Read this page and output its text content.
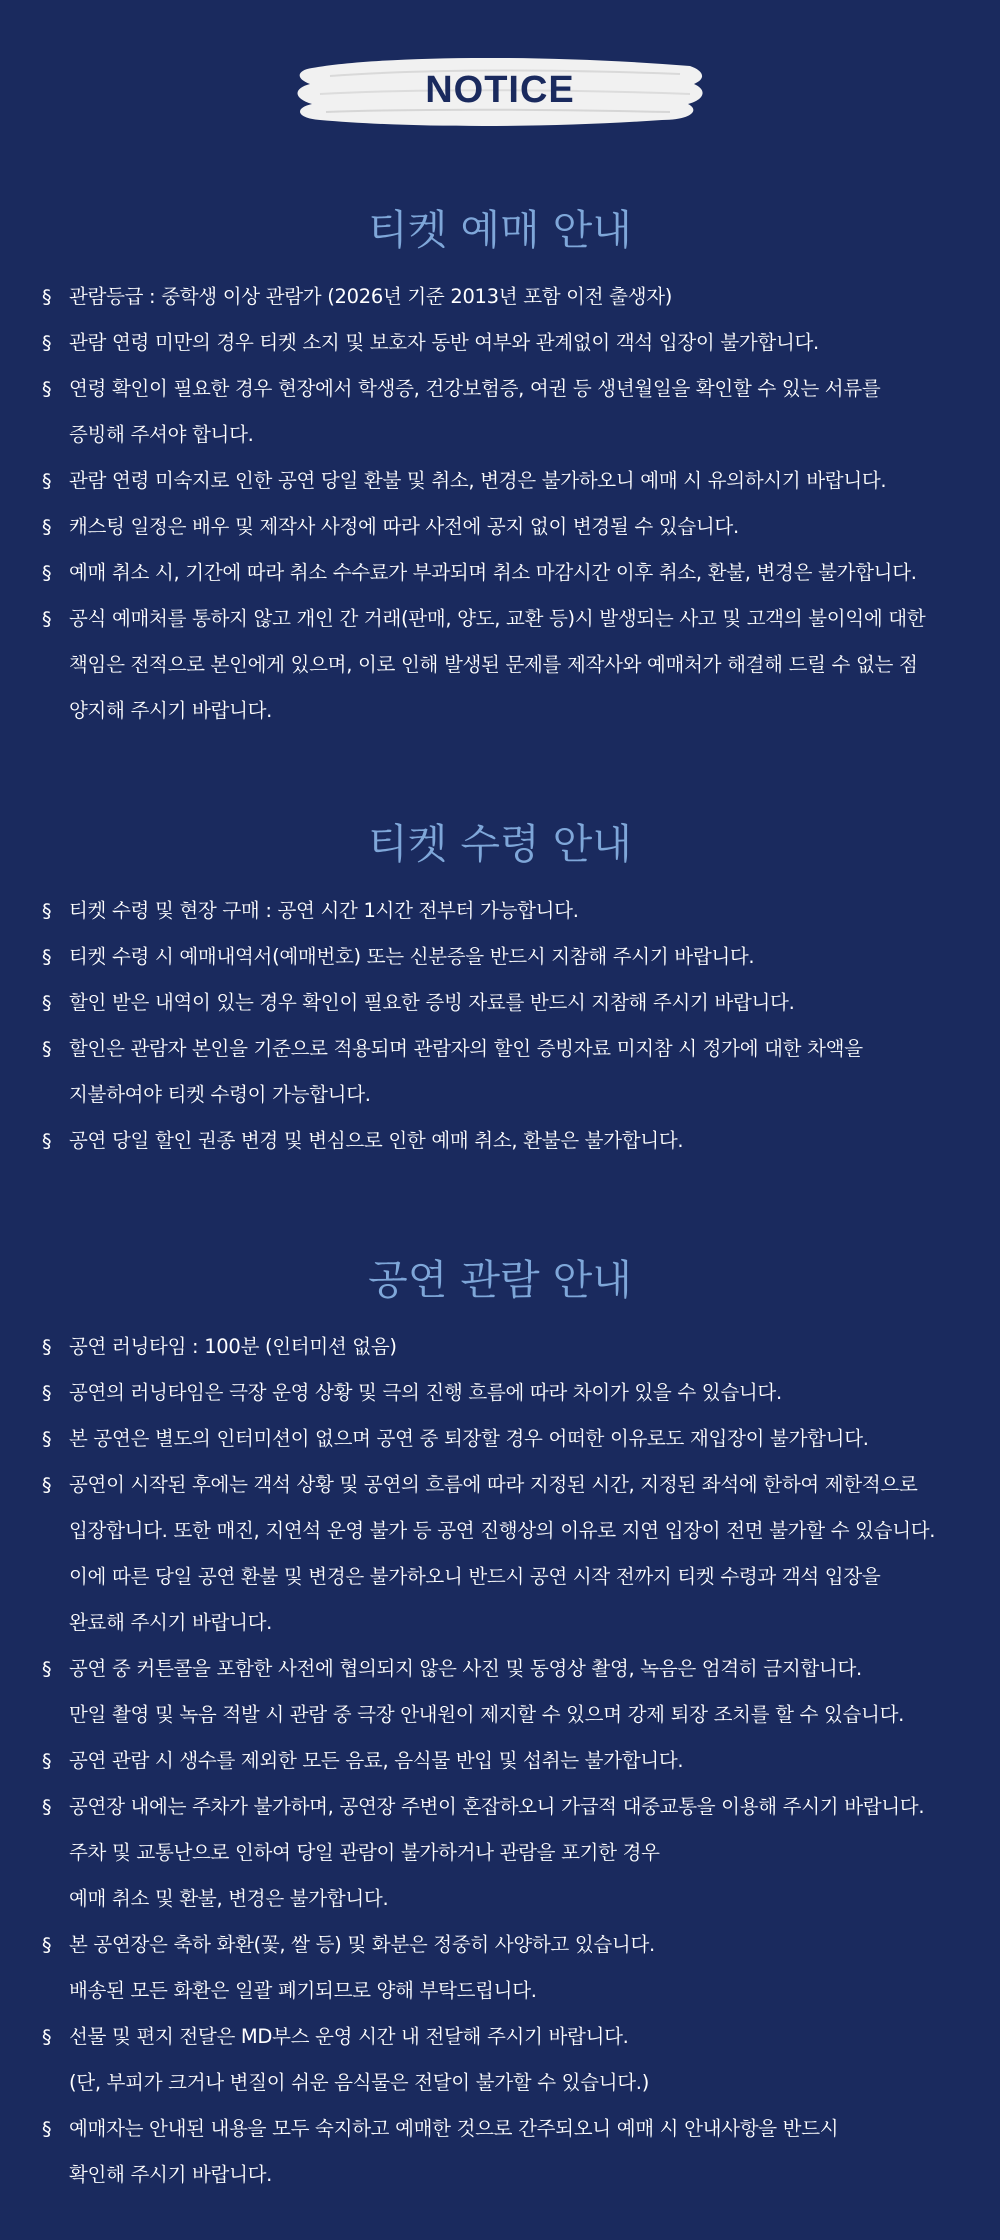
NOTICE
티켓 예매 안내
§ 관람등급 : 중학생 이상 관람가 (2026년 기준 2013년 포함 이전 출생자)
§ 관람 연령 미만의 경우 티켓 소지 및 보호자 동반 여부와 관계없이 객석 입장이 불가합니다.
§ 연령 확인이 필요한 경우 현장에서 학생증, 건강보험증, 여권 등 생년월일을 확인할 수 있는 서류를
증빙해 주셔야 합니다.
§ 관람 연령 미숙지로 인한 공연 당일 환불 및 취소, 변경은 불가하오니 예매 시 유의하시기 바랍니다.
§ 캐스팅 일정은 배우 및 제작사 사정에 따라 사전에 공지 없이 변경될 수 있습니다.
§ 예매 취소 시, 기간에 따라 취소 수수료가 부과되며 취소 마감시간 이후 취소, 환불, 변경은 불가합니다.
§ 공식 예매처를 통하지 않고 개인 간 거래(판매, 양도, 교환 등)시 발생되는 사고 및 고객의 불이익에 대한
책임은 전적으로 본인에게 있으며, 이로 인해 발생된 문제를 제작사와 예매처가 해결해 드릴 수 없는 점
양지해 주시기 바랍니다.
티켓 수령 안내
§ 티켓 수령 및 현장 구매 : 공연 시간 1시간 전부터 가능합니다.
§ 티켓 수령 시 예매내역서(예매번호) 또는 신분증을 반드시 지참해 주시기 바랍니다.
§ 할인 받은 내역이 있는 경우 확인이 필요한 증빙 자료를 반드시 지참해 주시기 바랍니다.
§ 할인은 관람자 본인을 기준으로 적용되며 관람자의 할인 증빙자료 미지참 시 정가에 대한 차액을
지불하여야 티켓 수령이 가능합니다.
§ 공연 당일 할인 권종 변경 및 변심으로 인한 예매 취소, 환불은 불가합니다.
공연 관람 안내
§ 공연 러닝타임 : 100분 (인터미션 없음)
§ 공연의 러닝타임은 극장 운영 상황 및 극의 진행 흐름에 따라 차이가 있을 수 있습니다.
§ 본 공연은 별도의 인터미션이 없으며 공연 중 퇴장할 경우 어떠한 이유로도 재입장이 불가합니다.
§ 공연이 시작된 후에는 객석 상황 및 공연의 흐름에 따라 지정된 시간, 지정된 좌석에 한하여 제한적으로
입장합니다. 또한 매진, 지연석 운영 불가 등 공연 진행상의 이유로 지연 입장이 전면 불가할 수 있습니다.
이에 따른 당일 공연 환불 및 변경은 불가하오니 반드시 공연 시작 전까지 티켓 수령과 객석 입장을
완료해 주시기 바랍니다.
§ 공연 중 커튼콜을 포함한 사전에 협의되지 않은 사진 및 동영상 촬영, 녹음은 엄격히 금지합니다.
만일 촬영 및 녹음 적발 시 관람 중 극장 안내원이 제지할 수 있으며 강제 퇴장 조치를 할 수 있습니다.
§ 공연 관람 시 생수를 제외한 모든 음료, 음식물 반입 및 섭취는 불가합니다.
§ 공연장 내에는 주차가 불가하며, 공연장 주변이 혼잡하오니 가급적 대중교통을 이용해 주시기 바랍니다.
주차 및 교통난으로 인하여 당일 관람이 불가하거나 관람을 포기한 경우
예매 취소 및 환불, 변경은 불가합니다.
§ 본 공연장은 축하 화환(꽃, 쌀 등) 및 화분은 정중히 사양하고 있습니다.
배송된 모든 화환은 일괄 폐기되므로 양해 부탁드립니다.
§ 선물 및 편지 전달은 MD부스 운영 시간 내 전달해 주시기 바랍니다.
(단, 부피가 크거나 변질이 쉬운 음식물은 전달이 불가할 수 있습니다.)
§ 예매자는 안내된 내용을 모두 숙지하고 예매한 것으로 간주되오니 예매 시 안내사항을 반드시
확인해 주시기 바랍니다.
